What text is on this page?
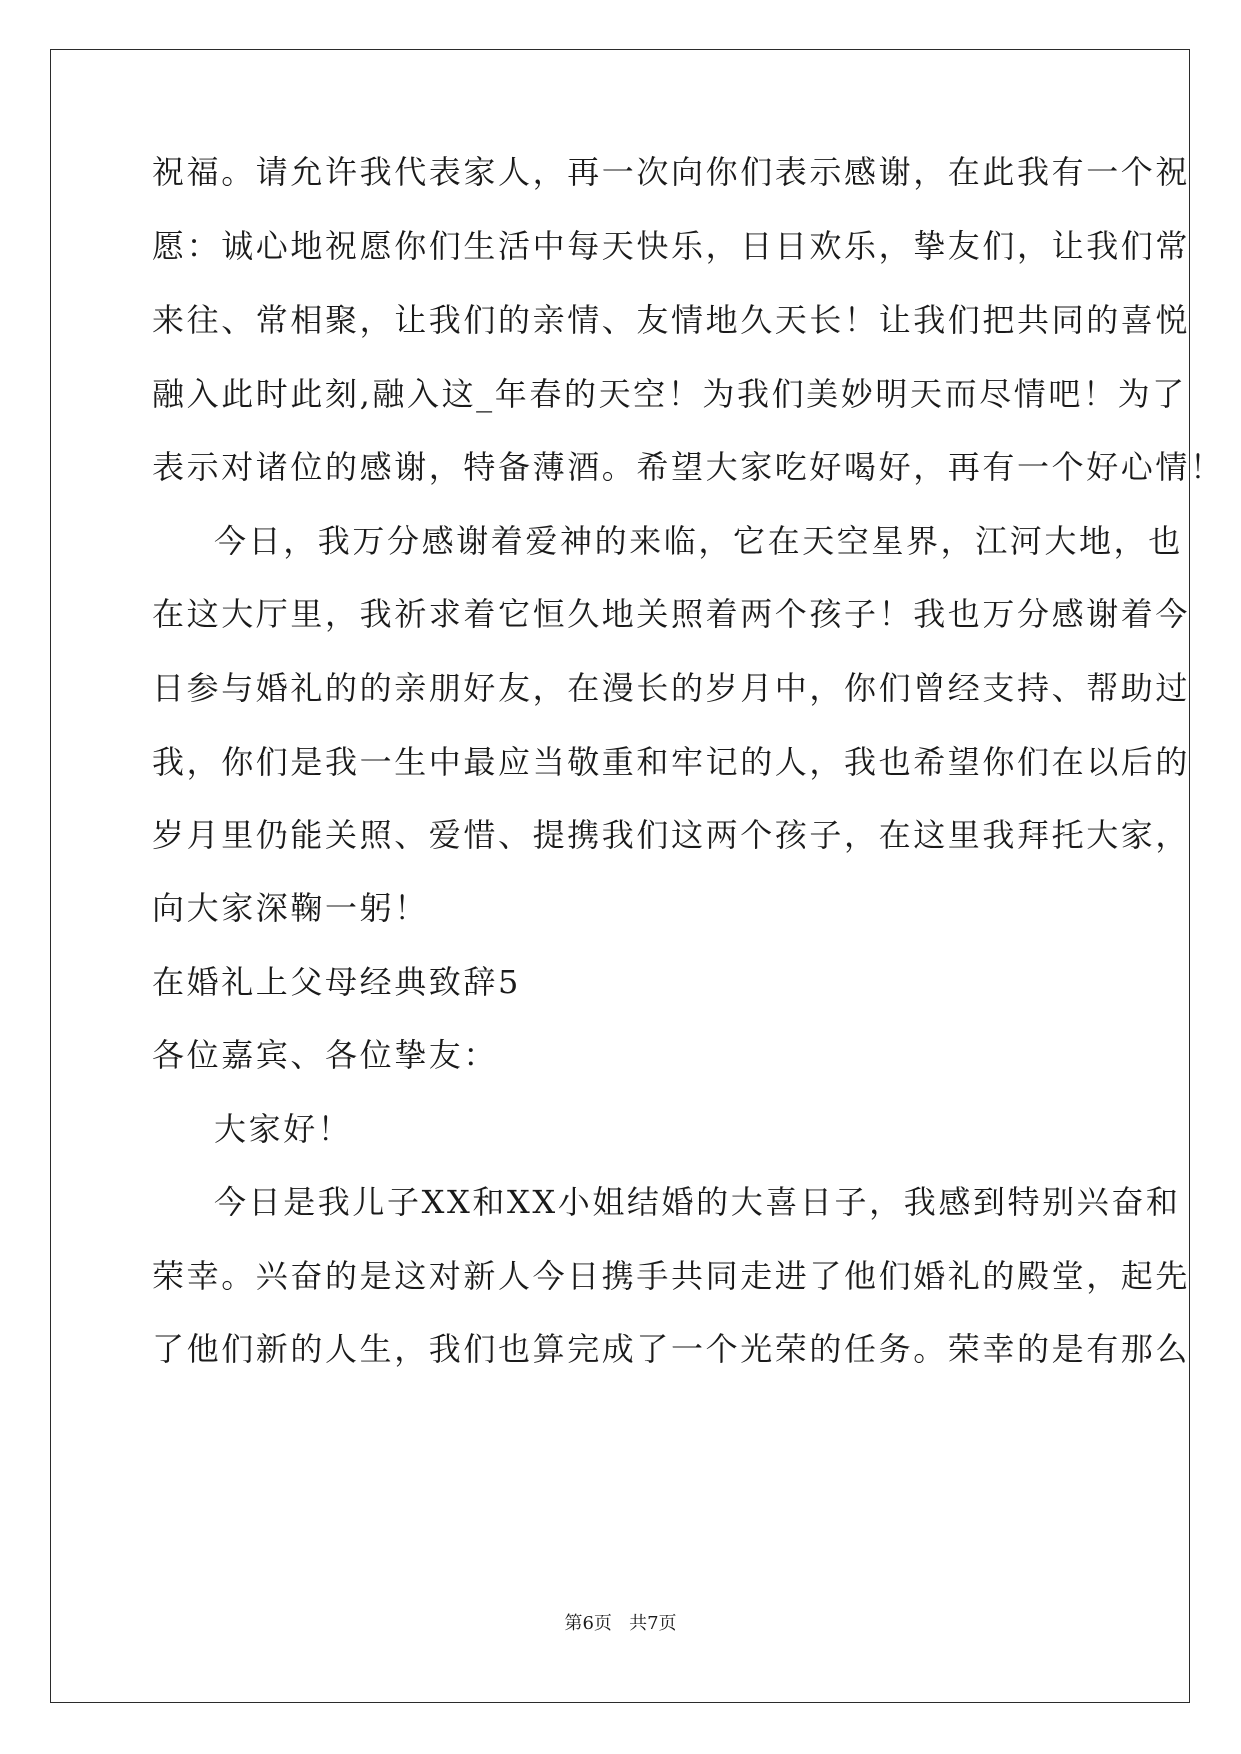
祝福。请允许我代表家人，再一次向你们表示感谢，在此我有一个祝
愿：诚心地祝愿你们生活中每天快乐，日日欢乐，挚友们，让我们常
来往、常相聚，让我们的亲情、友情地久天长！让我们把共同的喜悦
融入此时此刻,融入这_年春的天空！为我们美妙明天而尽情吧！为了
表示对诸位的感谢，特备薄酒。希望大家吃好喝好，再有一个好心情！
今日，我万分感谢着爱神的来临，它在天空星界，江河大地，也
在这大厅里，我祈求着它恒久地关照着两个孩子！我也万分感谢着今
日参与婚礼的的亲朋好友，在漫长的岁月中，你们曾经支持、帮助过
我，你们是我一生中最应当敬重和牢记的人，我也希望你们在以后的
岁月里仍能关照、爱惜、提携我们这两个孩子，在这里我拜托大家，
向大家深鞠一躬！
在婚礼上父母经典致辞5
各位嘉宾、各位挚友：
大家好！
今日是我儿子XX和XX小姐结婚的大喜日子，我感到特别兴奋和
荣幸。兴奋的是这对新人今日携手共同走进了他们婚礼的殿堂，起先
了他们新的人生，我们也算完成了一个光荣的任务。荣幸的是有那么
第6页 共7页
